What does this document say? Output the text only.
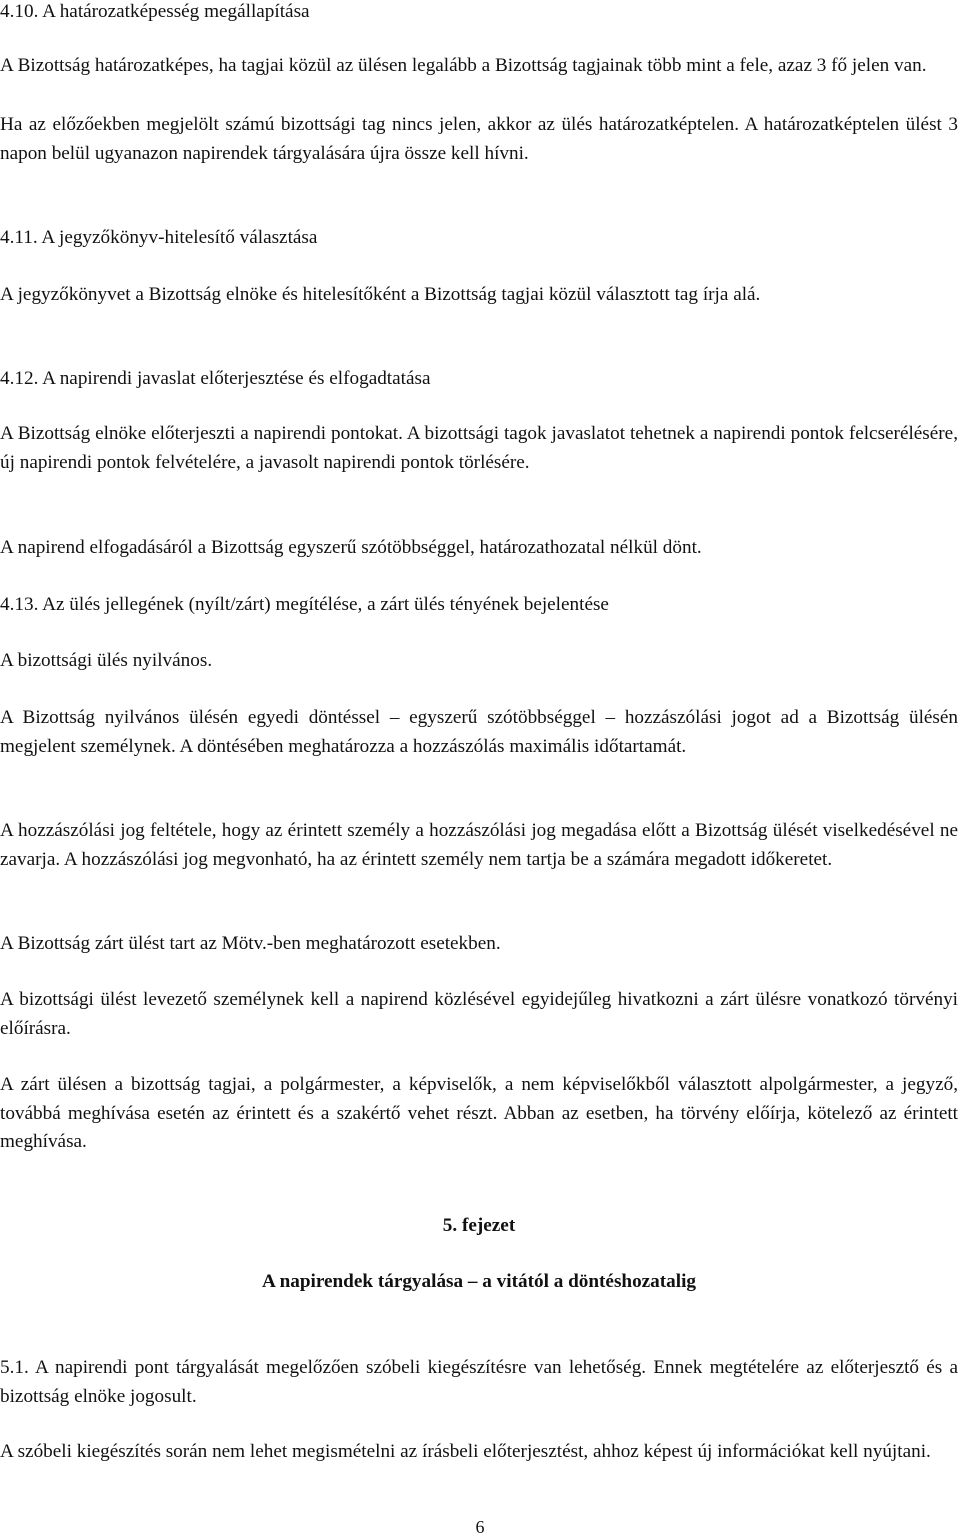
4.10. A határozatképesség megállapítása

A Bizottság határozatképes, ha tagjai közül az ülésen legalább a Bizottság tagjainak több mint a fele, azaz 3 fő jelen van.

Ha az előzőekben megjelölt számú bizottsági tag nincs jelen, akkor az ülés határozatképtelen. A határozatképtelen ülést 3 napon belül ugyanazon napirendek tárgyalására újra össze kell hívni.

4.11. A jegyzőkönyv-hitelesítő választása

A jegyzőkönyvet a Bizottság elnöke és hitelesítőként a Bizottság tagjai közül választott tag írja alá.

4.12. A napirendi javaslat előterjesztése és elfogadtatása

A Bizottság elnöke előterjeszti a napirendi pontokat. A bizottsági tagok javaslatot tehetnek a napirendi pontok felcserélésére, új napirendi pontok felvételére, a javasolt napirendi pontok törlésére.

A napirend elfogadásáról a Bizottság egyszerű szótöbbséggel, határozathozatal nélkül dönt.

4.13. Az ülés jellegének (nyílt/zárt) megítélése, a zárt ülés tényének bejelentése

A bizottsági ülés nyilvános.

A Bizottság nyilvános ülésén egyedi döntéssel – egyszerű szótöbbséggel – hozzászólási jogot ad a Bizottság ülésén megjelent személynek. A döntésében meghatározza a hozzászólás maximális időtartamát.

A hozzászólási jog feltétele, hogy az érintett személy a hozzászólási jog megadása előtt a Bizottság ülését viselkedésével ne zavarja. A hozzászólási jog megvonható, ha az érintett személy nem tartja be a számára megadott időkeretet.

A Bizottság zárt ülést tart az Mötv.-ben meghatározott esetekben.

A bizottsági ülést levezető személynek kell a napirend közlésével egyidejűleg hivatkozni a zárt ülésre vonatkozó törvényi előírásra.

A zárt ülésen a bizottság tagjai, a polgármester, a képviselők, a nem képviselőkből választott alpolgármester, a jegyző, továbbá meghívása esetén az érintett és a szakértő vehet részt. Abban az esetben, ha törvény előírja, kötelező az érintett meghívása.

5. fejezet

A napirendek tárgyalása – a vitától a döntéshozatalig

5.1. A napirendi pont tárgyalását megelőzően szóbeli kiegészítésre van lehetőség. Ennek megtételére az előterjesztő és a bizottság elnöke jogosult.

A szóbeli kiegészítés során nem lehet megismételni az írásbeli előterjesztést, ahhoz képest új információkat kell nyújtani.

6
